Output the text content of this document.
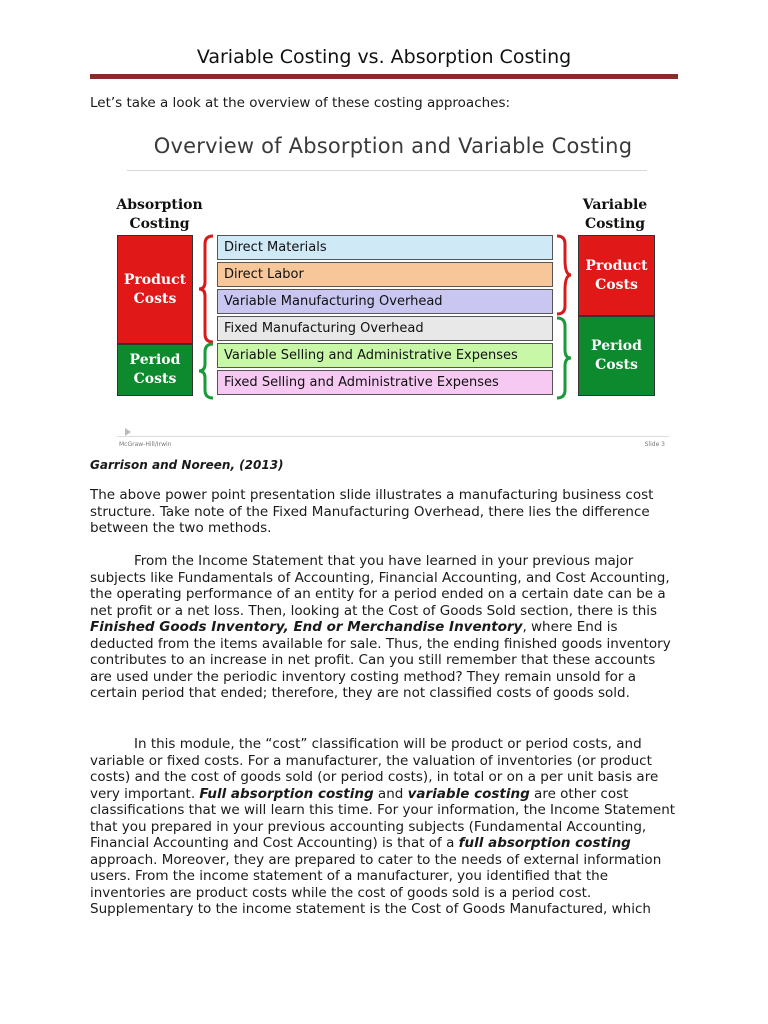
Variable Costing vs. Absorption Costing
Let’s take a look at the overview of these costing approaches:
Overview of Absorption and Variable Costing
Absorption
Costing
Variable
Costing
Product
Costs
Period
Costs
Product
Costs
Period
Costs
Direct Materials
Direct Labor
Variable Manufacturing Overhead
Fixed Manufacturing Overhead
Variable Selling and Administrative Expenses
Fixed Selling and Administrative Expenses
McGraw-Hill/Irwin	Slide 3
Garrison and Noreen, (2013)
The above power point presentation slide illustrates a manufacturing business cost structure. Take note of the Fixed Manufacturing Overhead, there lies the difference between the two methods.
From the Income Statement that you have learned in your previous major subjects like Fundamentals of Accounting, Financial Accounting, and Cost Accounting, the operating performance of an entity for a period ended on a certain date can be a net profit or a net loss. Then, looking at the Cost of Goods Sold section, there is this Finished Goods Inventory, End or Merchandise Inventory, where End is deducted from the items available for sale. Thus, the ending finished goods inventory contributes to an increase in net profit. Can you still remember that these accounts are used under the periodic inventory costing method? They remain unsold for a certain period that ended; therefore, they are not classified costs of goods sold.
In this module, the “cost” classification will be product or period costs, and variable or fixed costs. For a manufacturer, the valuation of inventories (or product costs) and the cost of goods sold (or period costs), in total or on a per unit basis are very important. Full absorption costing and variable costing are other cost classifications that we will learn this time. For your information, the Income Statement that you prepared in your previous accounting subjects (Fundamental Accounting, Financial Accounting and Cost Accounting) is that of a full absorption costing approach. Moreover, they are prepared to cater to the needs of external information users. From the income statement of a manufacturer, you identified that the inventories are product costs while the cost of goods sold is a period cost. Supplementary to the income statement is the Cost of Goods Manufactured, which
